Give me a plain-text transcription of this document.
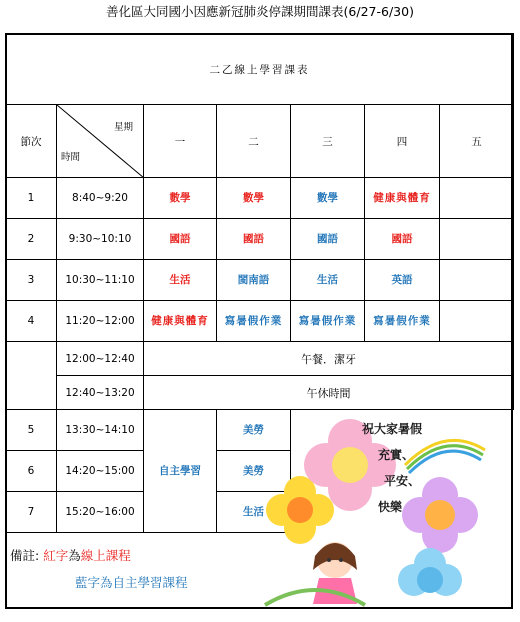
善化區大同國小因應新冠肺炎停課期間課表(6/27-6/30)
二乙線上學習課表						
節次	星期
時間	一	二	三	四	五
1	8:40~9:20	數學	數學	數學	健康與體育	
2	9:30~10:10	國語	國語	國語	國語	
3	10:30~11:10	生活	閩南語	生活	英語	
4	11:20~12:00	健康與體育	寫暑假作業	寫暑假作業	寫暑假作業	
	12:00~12:40	午餐．潔牙				
	12:40~13:20	午休時間				
5	13:30~14:10	自主學習	美勞			
6	14:20~15:00		美勞			
7	15:20~16:00		生活			
祝大家暑假
充實、
平安、
快樂
備註: 紅字為線上課程
藍字為自主學習課程
